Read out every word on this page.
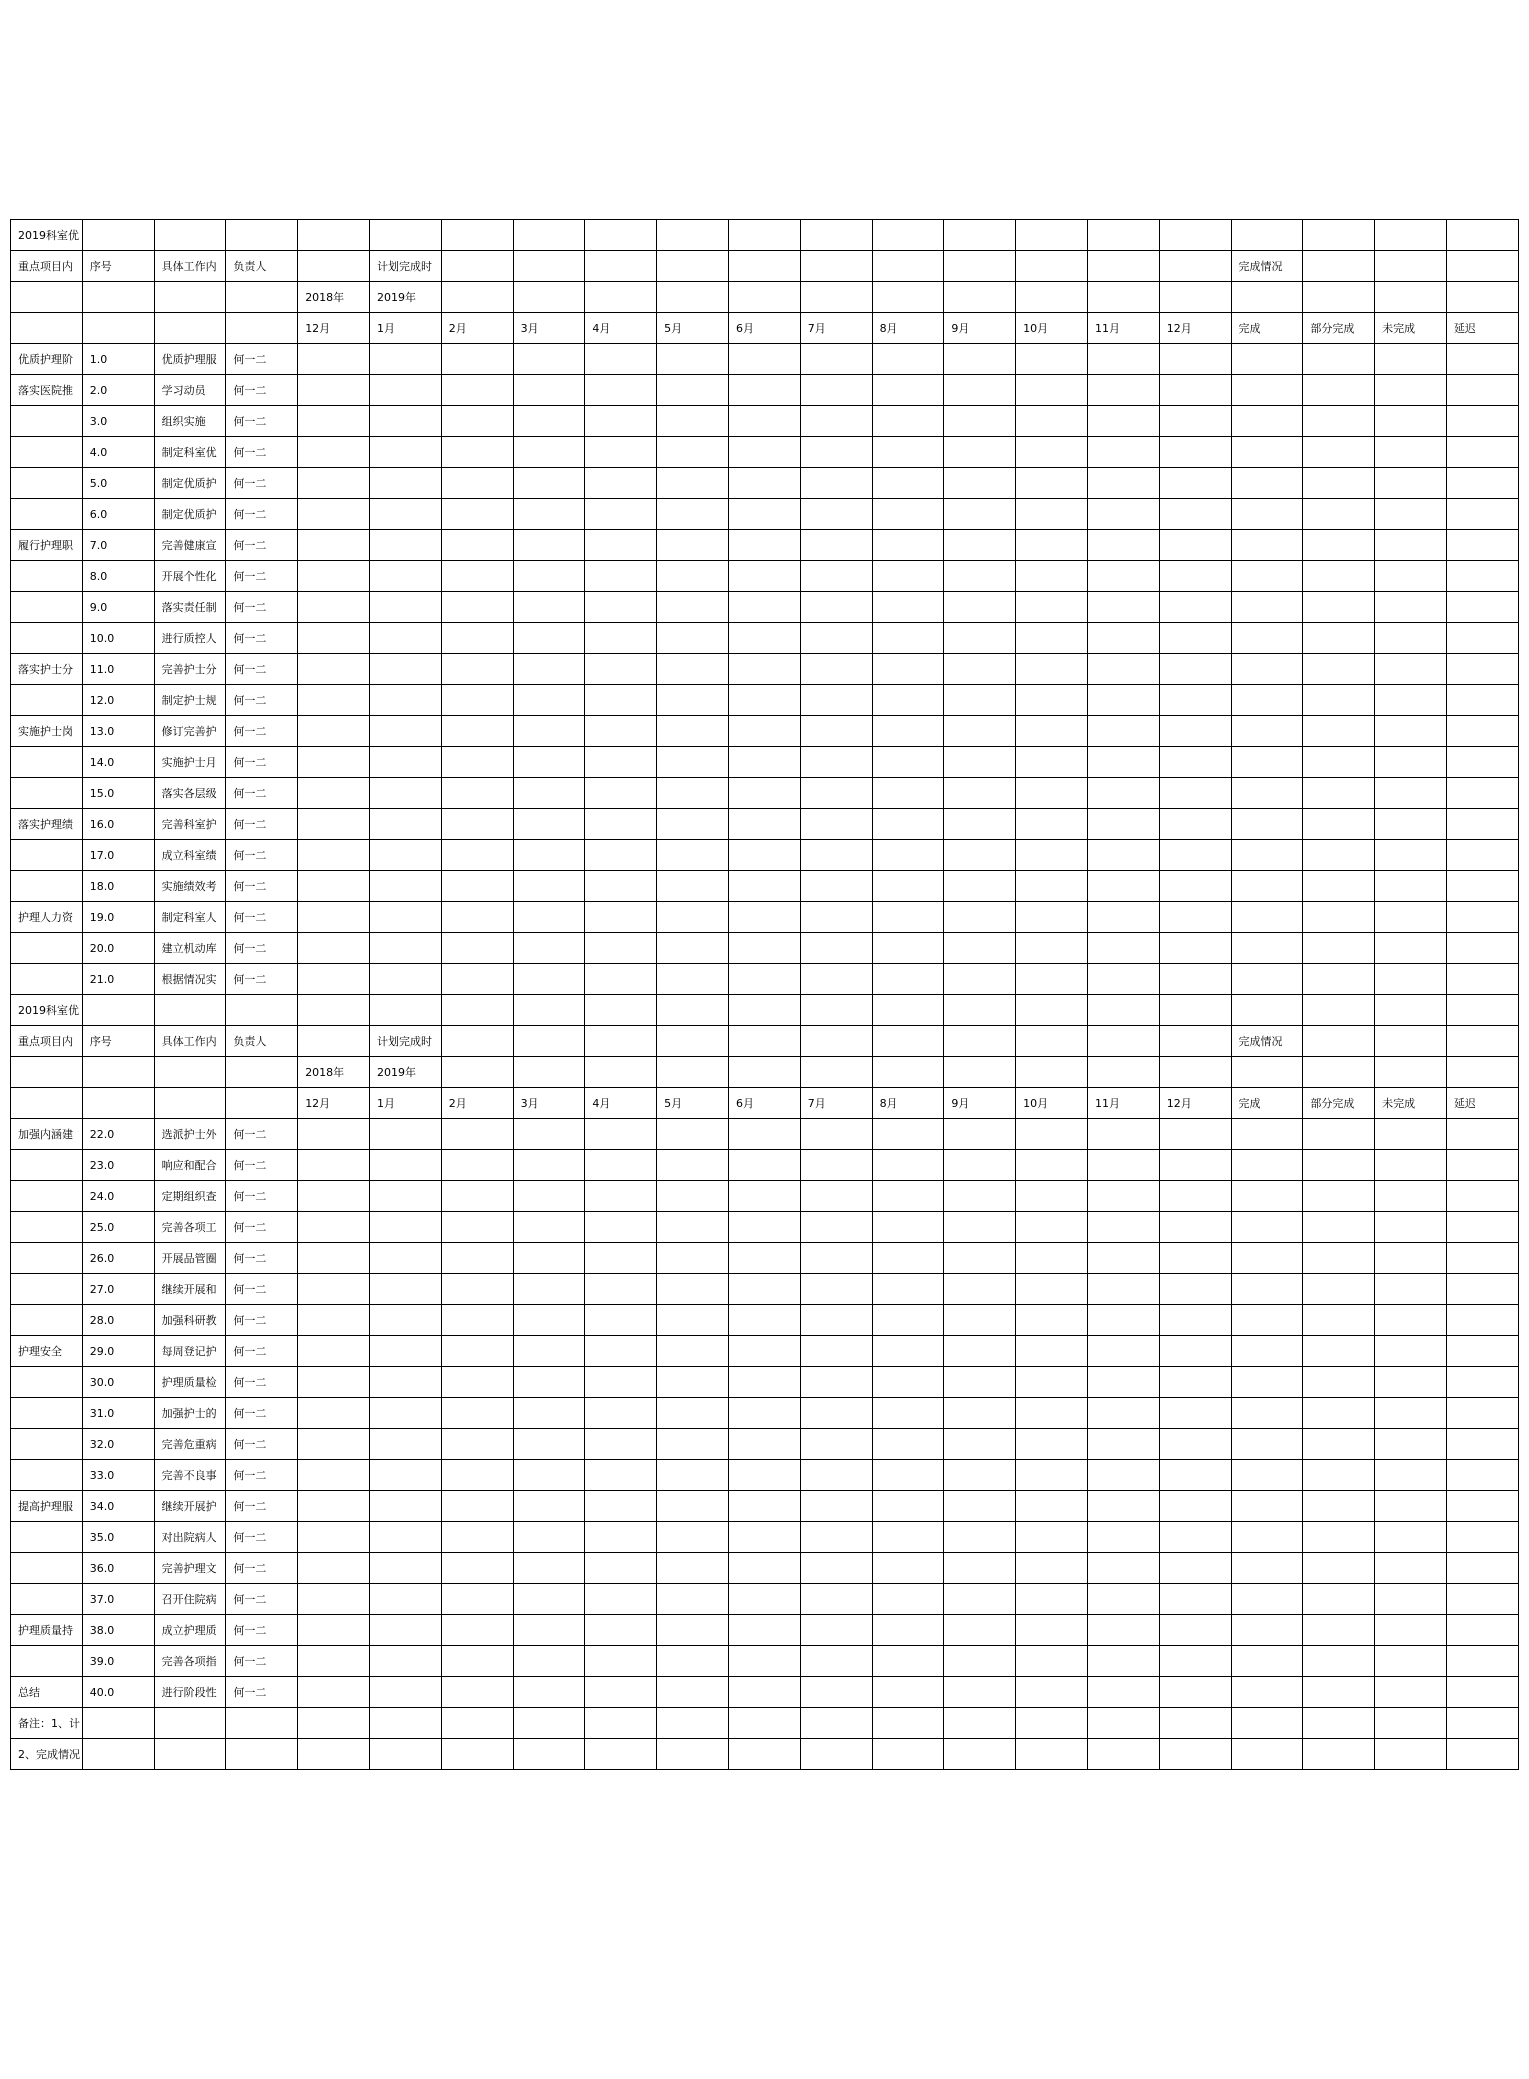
2019科室优																				
重点项目内	序号	具体工作内	负责人		计划完成时												完成情况			
				2018年	2019年															
				12月	1月	2月	3月	4月	5月	6月	7月	8月	9月	10月	11月	12月	完成	部分完成	未完成	延迟
优质护理阶	1.0	优质护理服	何一二																	
落实医院推	2.0	学习动员	何一二																	
	3.0	组织实施	何一二																	
	4.0	制定科室优	何一二																	
	5.0	制定优质护	何一二																	
	6.0	制定优质护	何一二																	
履行护理职	7.0	完善健康宣	何一二																	
	8.0	开展个性化	何一二																	
	9.0	落实责任制	何一二																	
	10.0	进行质控人	何一二																	
落实护士分	11.0	完善护士分	何一二																	
	12.0	制定护士规	何一二																	
实施护士岗	13.0	修订完善护	何一二																	
	14.0	实施护士月	何一二																	
	15.0	落实各层级	何一二																	
落实护理绩	16.0	完善科室护	何一二																	
	17.0	成立科室绩	何一二																	
	18.0	实施绩效考	何一二																	
护理人力资	19.0	制定科室人	何一二																	
	20.0	建立机动库	何一二																	
	21.0	根据情况实	何一二																	
2019科室优																				
重点项目内	序号	具体工作内	负责人		计划完成时												完成情况			
				2018年	2019年															
				12月	1月	2月	3月	4月	5月	6月	7月	8月	9月	10月	11月	12月	完成	部分完成	未完成	延迟
加强内涵建	22.0	选派护士外	何一二																	
	23.0	响应和配合	何一二																	
	24.0	定期组织查	何一二																	
	25.0	完善各项工	何一二																	
	26.0	开展品管圈	何一二																	
	27.0	继续开展和	何一二																	
	28.0	加强科研教	何一二																	
护理安全	29.0	每周登记护	何一二																	
	30.0	护理质量检	何一二																	
	31.0	加强护士的	何一二																	
	32.0	完善危重病	何一二																	
	33.0	完善不良事	何一二																	
提高护理服	34.0	继续开展护	何一二																	
	35.0	对出院病人	何一二																	
	36.0	完善护理文	何一二																	
	37.0	召开住院病	何一二																	
护理质量持	38.0	成立护理质	何一二																	
	39.0	完善各项指	何一二																	
总结	40.0	进行阶段性	何一二																	
备注：1、计																				
2、完成情况																				
